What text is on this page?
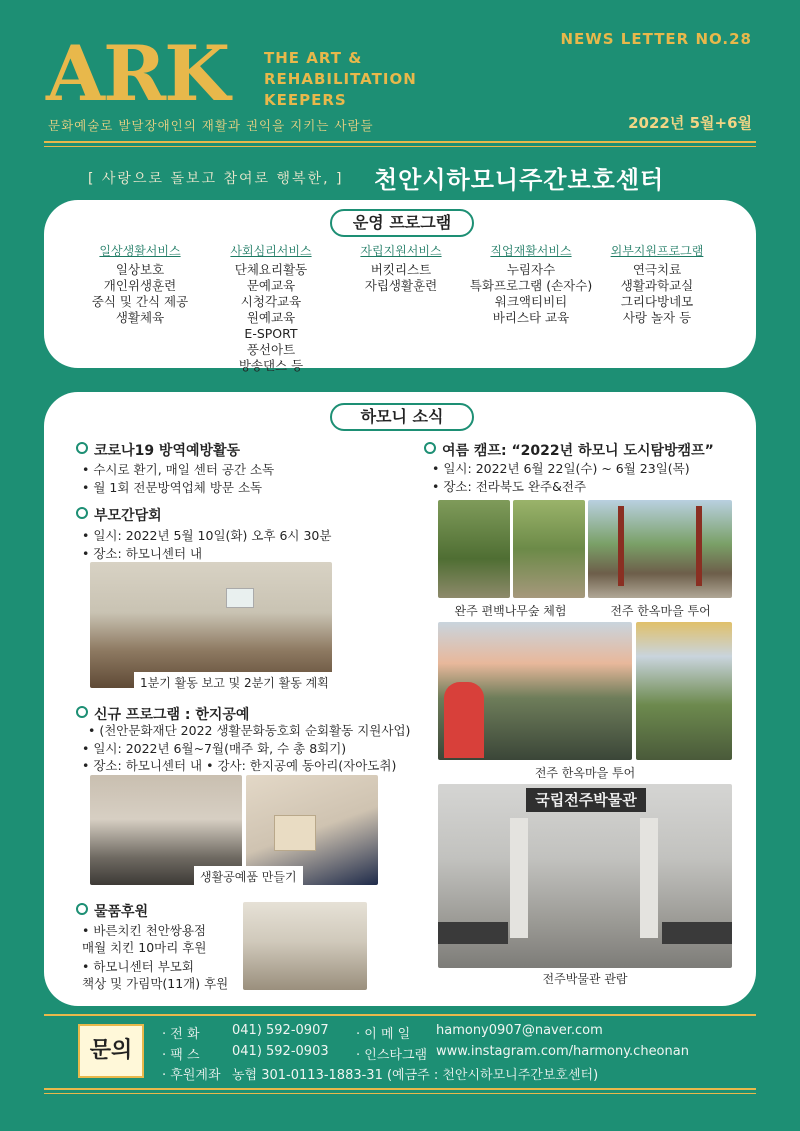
ARK THE ART &
REHABILITATION
KEEPERS
문화예술로 발달장애인의 재활과 권익을 지키는 사람들
NEWS LETTER NO.28
2022년 5월+6월
[ 사랑으로 돌보고 참여로 행복한, ] 천안시하모니주간보호센터
운영 프로그램
일상생활서비스
일상보호
개인위생훈련
중식 및 간식 제공
생활체육
사회심리서비스
단체요리활동
문예교육
시청각교육
원예교육
E-SPORT
풍선아트
방송댄스 등
자립지원서비스
버킷리스트
자립생활훈련
직업재활서비스
누림자수
특화프로그램 (손자수)
워크액티비티
바리스타 교육
외부지원프로그램
연극치료
생활과학교실
그리다방네모
사랑 놀자 등
하모니 소식
코로나19 방역예방활동
• 수시로 환기, 매일 센터 공간 소독
• 월 1회 전문방역업체 방문 소독
부모간담회
• 일시: 2022년 5월 10일(화) 오후 6시 30분
• 장소: 하모니센터 내
1분기 활동 보고 및 2분기 활동 계획
신규 프로그램 : 한지공예
• (천안문화재단 2022 생활문화동호회 순회활동 지원사업)
• 일시: 2022년 6월~7월(매주 화, 수 총 8회기)
• 장소: 하모니센터 내 • 강사: 한지공예 동아리(자아도취)
생활공예품 만들기
물품후원
• 바른치킨 천안쌍용점
매월 치킨 10마리 후원
• 하모니센터 부모회
책상 및 가림막(11개) 후원
여름 캠프: “2022년 하모니 도시탐방캠프”
• 일시: 2022년 6월 22일(수) ~ 6월 23일(목)
• 장소: 전라북도 완주&전주
완주 편백나무숲 체험	전주 한옥마을 투어
전주 한옥마을 투어
국립전주박물관
전주박물관 관람
문의
· 전 화 041) 592-0907
· 팩 스 041) 592-0903
· 이 메 일 hamony0907@naver.com
· 인스타그램 www.instagram.com/harmony.cheonan
· 후원계좌 농협 301-0113-1883-31 (예금주 : 천안시하모니주간보호센터)
